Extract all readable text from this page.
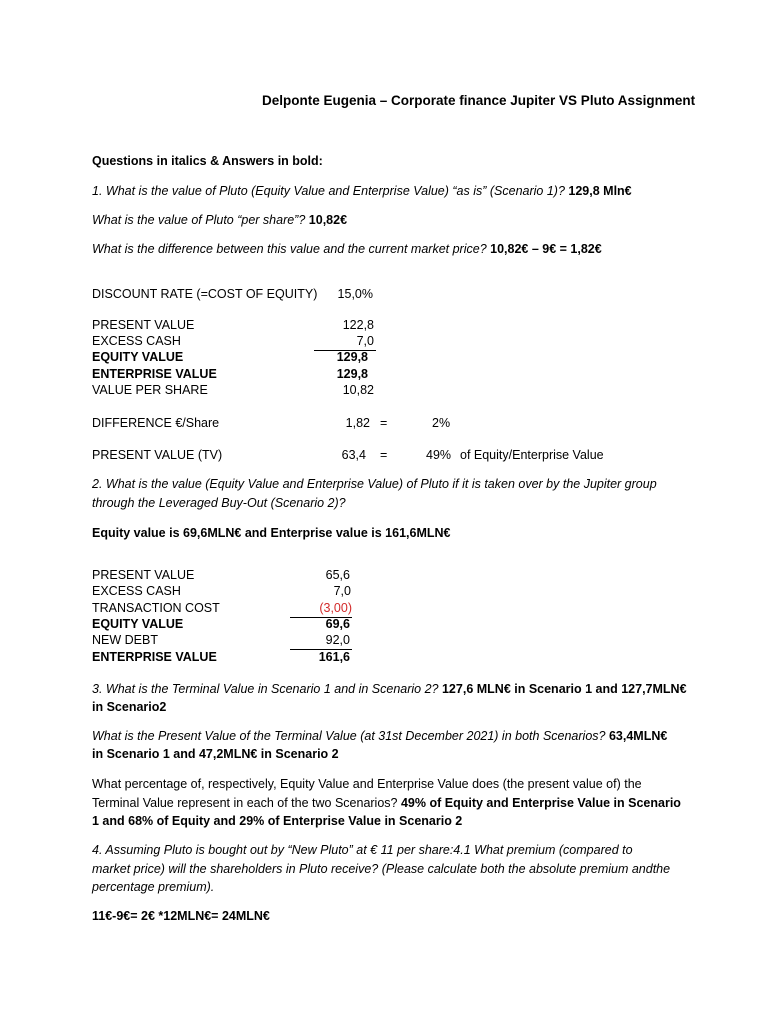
Delponte Eugenia – Corporate finance Jupiter VS Pluto Assignment
Questions in italics & Answers in bold:
1. What is the value of Pluto (Equity Value and Enterprise Value) “as is” (Scenario 1)? 129,8 Mln€
What is the value of Pluto “per share”? 10,82€
What is the difference between this value and the current market price? 10,82€ – 9€ = 1,82€
DISCOUNT RATE (=COST OF EQUITY) 15,0%
PRESENT VALUE	122,8
EXCESS CASH	7,0
EQUITY VALUE	129,8
ENTERPRISE VALUE	129,8
VALUE PER SHARE	10,82
DIFFERENCE €/Share	1,82 =	2%
PRESENT VALUE (TV)	63,4 =	49% of Equity/Enterprise Value
2. What is the value (Equity Value and Enterprise Value) of Pluto if it is taken over by the Jupiter group
through the Leveraged Buy-Out (Scenario 2)?
Equity value is 69,6MLN€ and Enterprise value is 161,6MLN€
PRESENT VALUE	65,6
EXCESS CASH	7,0
TRANSACTION COST	(3,00)
EQUITY VALUE	69,6
NEW DEBT	92,0
ENTERPRISE VALUE	161,6
3. What is the Terminal Value in Scenario 1 and in Scenario 2? 127,6 MLN€ in Scenario 1 and 127,7MLN€
in Scenario2
What is the Present Value of the Terminal Value (at 31st December 2021) in both Scenarios? 63,4MLN€
in Scenario 1 and 47,2MLN€ in Scenario 2
What percentage of, respectively, Equity Value and Enterprise Value does (the present value of) the
Terminal Value represent in each of the two Scenarios? 49% of Equity and Enterprise Value in Scenario
1 and 68% of Equity and 29% of Enterprise Value in Scenario 2
4. Assuming Pluto is bought out by “New Pluto” at € 11 per share:4.1 What premium (compared to
market price) will the shareholders in Pluto receive? (Please calculate both the absolute premium andthe
percentage premium).
11€-9€= 2€ *12MLN€= 24MLN€
